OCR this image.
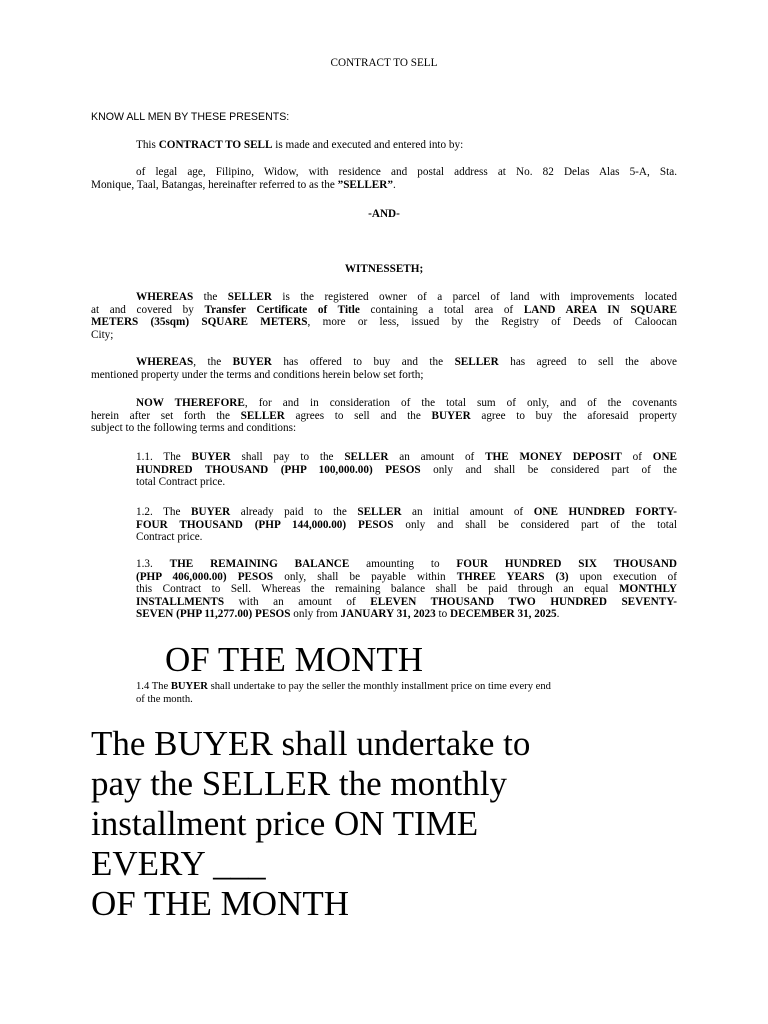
CONTRACT TO SELL
KNOW ALL MEN BY THESE PRESENTS:
This CONTRACT TO SELL is made and executed and entered into by:
of legal age, Filipino, Widow, with residence and postal address at No. 82 Delas Alas 5-A, Sta.
Monique, Taal, Batangas, hereinafter referred to as the ”SELLER”.
-AND-
WITNESSETH;
WHEREAS the SELLER is the registered owner of a parcel of land with improvements located
at and covered by Transfer Certificate of Title containing a total area of LAND AREA IN SQUARE
METERS (35sqm) SQUARE METERS, more or less, issued by the Registry of Deeds of Caloocan
City;
WHEREAS, the BUYER has offered to buy and the SELLER has agreed to sell the above
mentioned property under the terms and conditions herein below set forth;
NOW THEREFORE, for and in consideration of the total sum of only, and of the covenants
herein after set forth the SELLER agrees to sell and the BUYER agree to buy the aforesaid property
subject to the following terms and conditions:
1.1. The BUYER shall pay to the SELLER an amount of THE MONEY DEPOSIT of ONE
HUNDRED THOUSAND (PHP 100,000.00) PESOS only and shall be considered part of the
total Contract price.
1.2. The BUYER already paid to the SELLER an initial amount of ONE HUNDRED FORTY-
FOUR THOUSAND (PHP 144,000.00) PESOS only and shall be considered part of the total
Contract price.
1.3. THE REMAINING BALANCE amounting to FOUR HUNDRED SIX THOUSAND
(PHP 406,000.00) PESOS only, shall be payable within THREE YEARS (3) upon execution of
this Contract to Sell. Whereas the remaining balance shall be paid through an equal MONTHLY
INSTALLMENTS with an amount of ELEVEN THOUSAND TWO HUNDRED SEVENTY-
SEVEN (PHP 11,277.00) PESOS only from JANUARY 31, 2023 to DECEMBER 31, 2025.
OF THE MONTH
1.4 The BUYER shall undertake to pay the seller the monthly installment price on time every end
of the month.
The BUYER shall undertake to
pay the SELLER the monthly
installment price ON TIME
EVERY ___
OF THE MONTH
